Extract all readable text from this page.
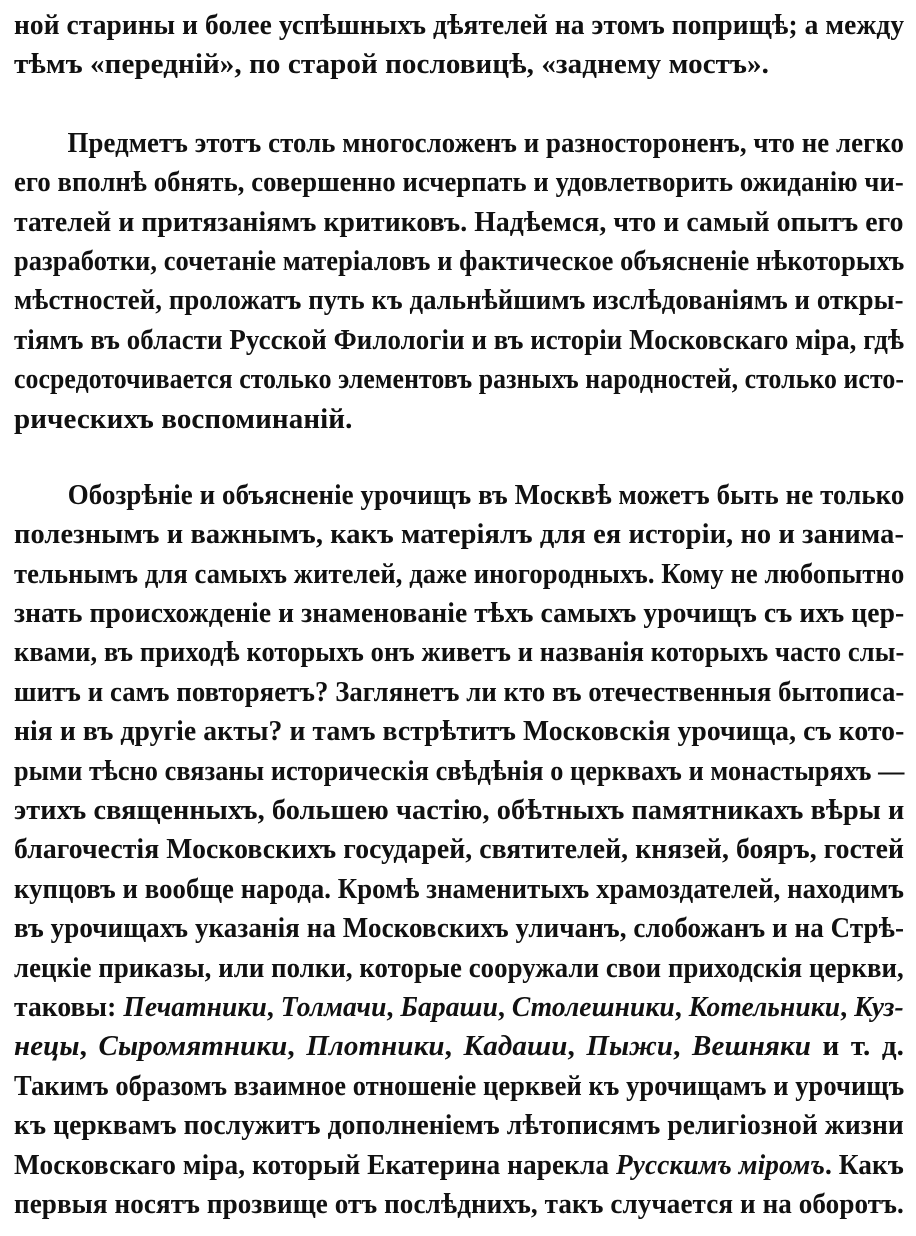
ной старины и более успѣшныхъ дѣятелей на этомъ поприщѣ; а между
тѣмъ «передній», по старой пословицѣ, «заднему мостъ».
Предметъ этотъ столь многосложенъ и разностороненъ, что не легко
его вполнѣ обнять, совершенно исчерпать и удовлетворить ожиданію чи-
тателей и притязаніямъ критиковъ. Надѣемся, что и самый опытъ его
разработки, сочетаніе матеріаловъ и фактическое объясненіе нѣкоторыхъ
мѣстностей, проложатъ путь къ дальнѣйшимъ изслѣдованіямъ и откры-
тіямъ въ области Русской Филологіи и въ исторіи Московскаго міра, гдѣ
сосредоточивается столько элементовъ разныхъ народностей, столько исто-
рическихъ воспоминаній.
Обозрѣніе и объясненіе урочищъ въ Москвѣ можетъ быть не только
полезнымъ и важнымъ, какъ матеріялъ для ея исторіи, но и занима-
тельнымъ для самыхъ жителей, даже иногородныхъ. Кому не любопытно
знать происхожденіе и знаменованіе тѣхъ самыхъ урочищъ съ ихъ цер-
квами, въ приходѣ которыхъ онъ живетъ и названія которыхъ часто слы-
шитъ и самъ повторяетъ? Заглянетъ ли кто въ отечественныя бытописа-
нія и въ другіе акты? и тамъ встрѣтитъ Московскія урочища, съ кото-
рыми тѣсно связаны историческія свѣдѣнія о церквахъ и монастыряхъ —
этихъ священныхъ, большею частію, обѣтныхъ памятникахъ вѣры и
благочестія Московскихъ государей, святителей, князей, бояръ, гостей
купцовъ и вообще народа. Кромѣ знаменитыхъ храмоздателей, находимъ
въ урочищахъ указанія на Московскихъ уличанъ, слобожанъ и на Стрѣ-
лецкіе приказы, или полки, которые сооружали свои приходскія церкви,
таковы: Печатники, Толмачи, Бараши, Столешники, Котельники, Куз-
нецы, Сыромятники, Плотники, Кадаши, Пыжи, Вешняки и т. д.
Такимъ образомъ взаимное отношеніе церквей къ урочищамъ и урочищъ
къ церквамъ послужитъ дополненіемъ лѣтописямъ религіозной жизни
Московскаго міра, который Екатерина нарекла Русскимъ міромъ. Какъ
первыя носятъ прозвище отъ послѣднихъ, такъ случается и на оборотъ.
